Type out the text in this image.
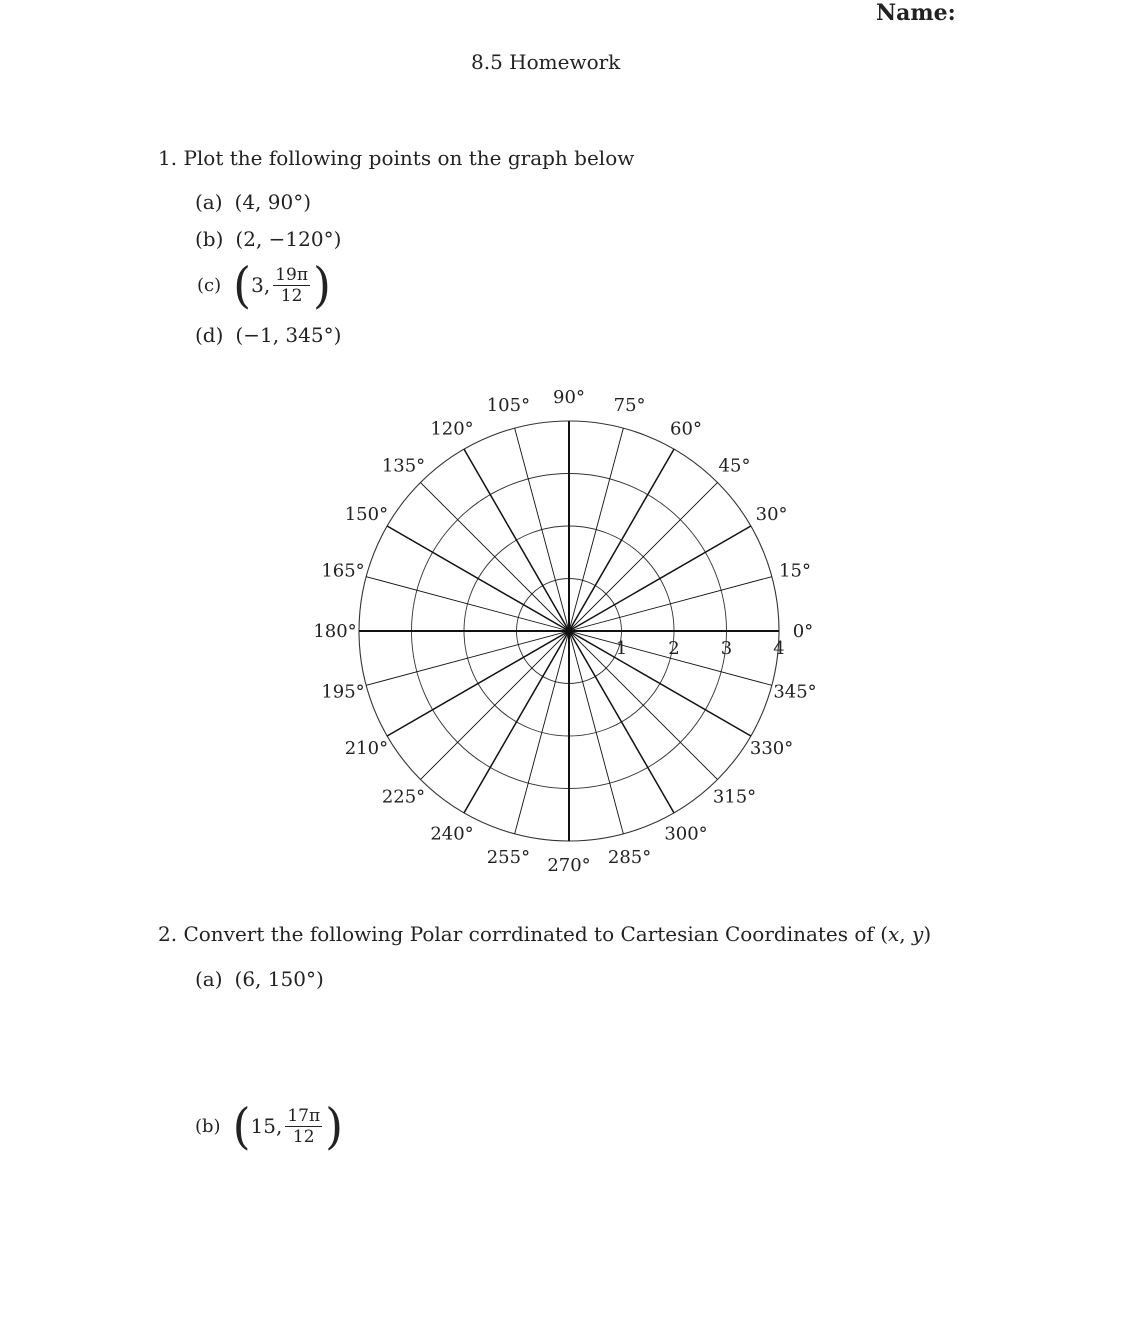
Name:
8.5 Homework
1. Plot the following points on the graph below
(a) (4, 90°)
(b) (2, −120°)
(c) ( 3, $\frac{19\pi}{12}$ )
(d) (−1, 345°)
0°
15°
30°
45°
60°
75°
90°
105°
120°
135°
150°
165°
180°
195°
210°
225°
240°
255° 270° 285°
300°
315°
330°
345°
1 2 3 4
2. Convert the following Polar corrdinated to Cartesian Coordinates of (x, y)
(a) (6, 150°)
(b) ( 15, $\frac{17\pi}{12}$ )
